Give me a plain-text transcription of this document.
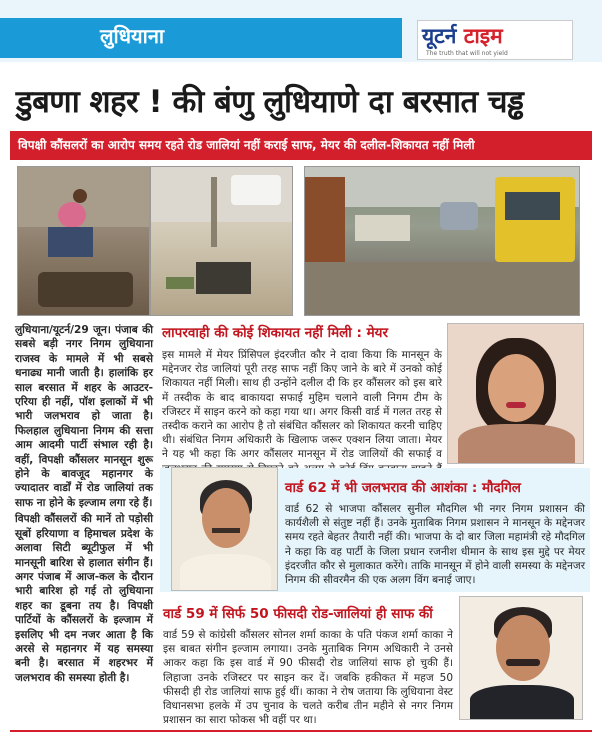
लुधियाना	यूटर्न टाइम
The truth that will not yield
डुबणा शहर ! की बंणु लुधियाणे दा बरसात चड्ढ
विपक्षी कौंसलरों का आरोप समय रहते रोड जालियां नहीं कराई साफ, मेयर की दलील-शिकायत नहीं मिली

लुधियाना/यूटर्न/29 जून। पंजाब की सबसे बड़ी नगर निगम लुधियाना राजस्व के मामले में भी सबसे धनाढ्य मानी जाती है। हालांकि हर साल बरसात में शहर के आउटर-एरिया ही नहीं, पॉश इलाकों में भी भारी जलभराव हो जाता है। फिलहाल लुधियाना निगम की सत्ता आम आदमी पार्टी संभाल रही है। वहीं, विपक्षी कौंसलर मानसून शुरू होने के बावजूद महानगर के ज्यादातर वार्डों में रोड जालियां तक साफ ना होने के इल्जाम लगा रहे हैं।

विपक्षी कौंसलरों की मानें तो पड़ोसी सूबों हरियाणा व हिमाचल प्रदेश के अलावा सिटी ब्यूटीफुल में भी मानसूनी बारिश से हालात संगीन हैं। अगर पंजाब में आज-कल के दौरान भारी बारिश हो गई तो लुधियाना शहर का डूबना तय है। विपक्षी पार्टियों के कौंसलरों के इल्जाम में इसलिए भी दम नजर आता है कि अरसे से महानगर में यह समस्या बनी है। बरसात में शहरभर में जलभराव की समस्या होती है।

लापरवाही की कोई शिकायत नहीं मिली : मेयर
इस मामले में मेयर प्रिंसिपल इंदरजीत कौर ने दावा किया कि मानसून के मद्देनजर रोड जालियां पूरी तरह साफ नहीं किए जाने के बारे में उनको कोई शिकायत नहीं मिली। साथ ही उन्होंने दलील दी कि हर कौंसलर को इस बारे में तस्दीक के बाद बाकायदा सफाई मुहिम चलाने वाली निगम टीम के रजिस्टर में साइन करने को कहा गया था। अगर किसी वार्ड में गलत तरह से तस्दीक कराने का आरोप है तो संबंधित कौंसलर को शिकायत करनी चाहिए थी। संबंधित निगम अधिकारी के खिलाफ जरूर एक्शन लिया जाता। मेयर ने यह भी कहा कि अगर कौंसलर मानसून में रोड जालियों की सफाई व
वार्ड 62 में भी जलभराव की आशंका : मौदगिल
वार्ड 62 से भाजपा कौंसलर सुनील मौदगिल भी नगर निगम प्रशासन की कार्यशैली से संतुष्ट नहीं हैं। उनके मुताबिक निगम प्रशासन ने मानसून के मद्देनजर समय रहते बेहतर तैयारी नहीं की। भाजपा के दो बार जिला महामंत्री रहे मौदगिल ने कहा कि वह पार्टी के जिला प्रधान रजनीश धीमान के साथ इस मुद्दे पर मेयर इंदरजीत कौर से मुलाकात करेंगे। ताकि मानसून में होने वाली समस्या के मद्देनजर निगम की सीवरमैन की एक अलग विंग बनाई जाए।
वार्ड 59 में सिर्फ 50 फीसदी रोड-जालियां ही साफ कीं
वार्ड 59 से कांग्रेसी कौंसलर सोनल शर्मा काका के पति पंकज शर्मा काका ने इस बाबत संगीन इल्जाम लगाया। उनके मुताबिक निगम अधिकारी ने उनसे आकर कहा कि इस वार्ड में 90 फीसदी रोड जालियां साफ हो चुकी हैं। लिहाजा उनके रजिस्टर पर साइन कर दें। जबकि हकीकत में महज 50 फीसदी ही रोड जालियां साफ हुई थीं। काका ने रोष जताया कि लुधियाना वेस्ट विधानसभा हलके में उप चुनाव के चलते करीब तीन महीने से नगर निगम प्रशासन का सारा फोकस भी वहीं पर था।
